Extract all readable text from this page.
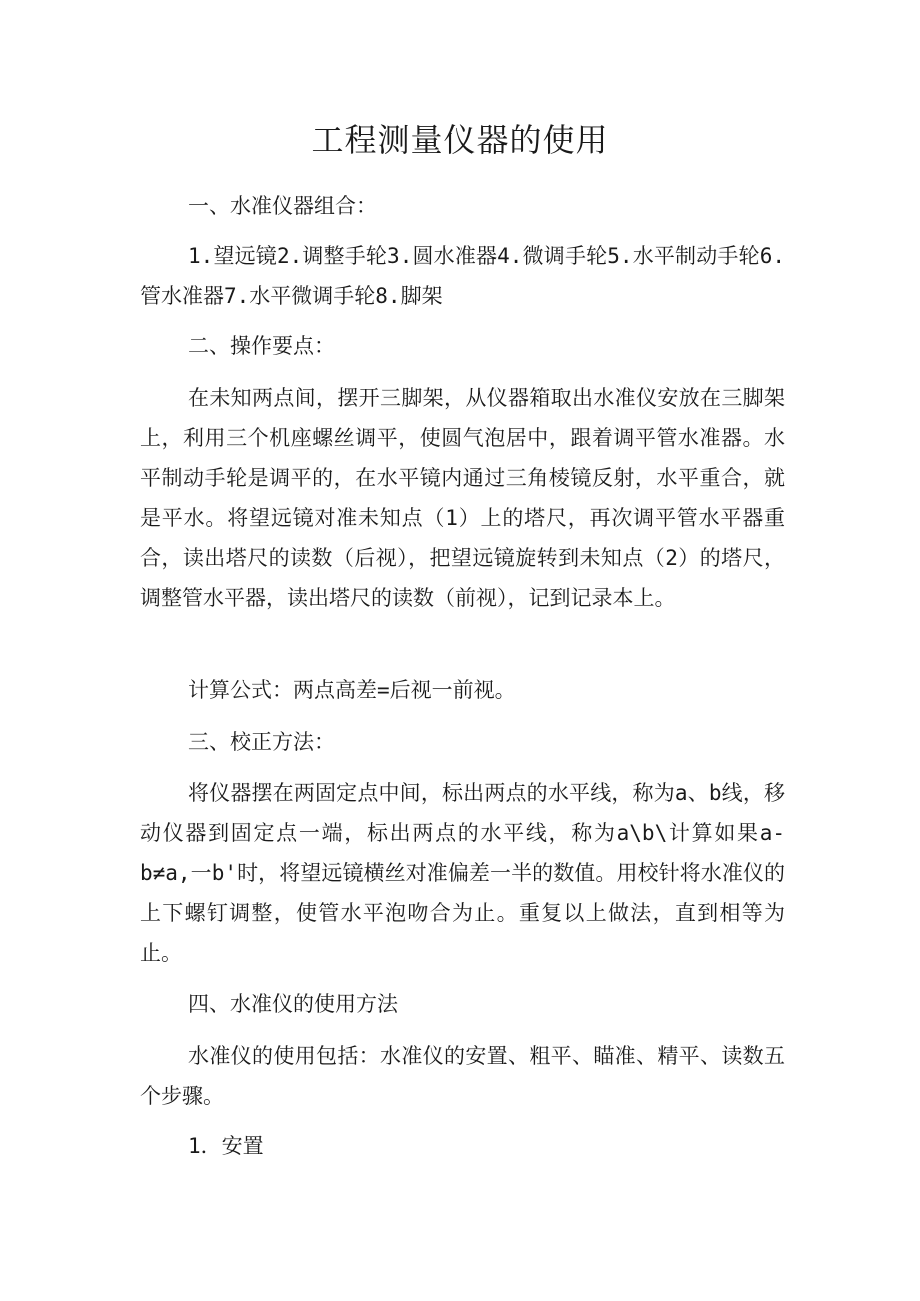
工程测量仪器的使用

一、水准仪器组合：

1.望远镜2.调整手轮3.圆水准器4.微调手轮5.水平制动手轮6.管水准器7.水平微调手轮8.脚架

二、操作要点：

在未知两点间，摆开三脚架，从仪器箱取出水准仪安放在三脚架上，利用三个机座螺丝调平，使圆气泡居中，跟着调平管水准器。水平制动手轮是调平的，在水平镜内通过三角棱镜反射，水平重合，就是平水。将望远镜对准未知点（1）上的塔尺，再次调平管水平器重合，读出塔尺的读数（后视），把望远镜旋转到未知点（2）的塔尺，调整管水平器，读出塔尺的读数（前视），记到记录本上。

计算公式：两点高差=后视一前视。

三、校正方法：

将仪器摆在两固定点中间，标出两点的水平线，称为a、b线，移动仪器到固定点一端，标出两点的水平线，称为a\b\计算如果a-b≠a,一b'时，将望远镜横丝对准偏差一半的数值。用校针将水准仪的上下螺钉调整，使管水平泡吻合为止。重复以上做法，直到相等为止。

四、水准仪的使用方法

水准仪的使用包括：水准仪的安置、粗平、瞄准、精平、读数五个步骤。

1．安置
